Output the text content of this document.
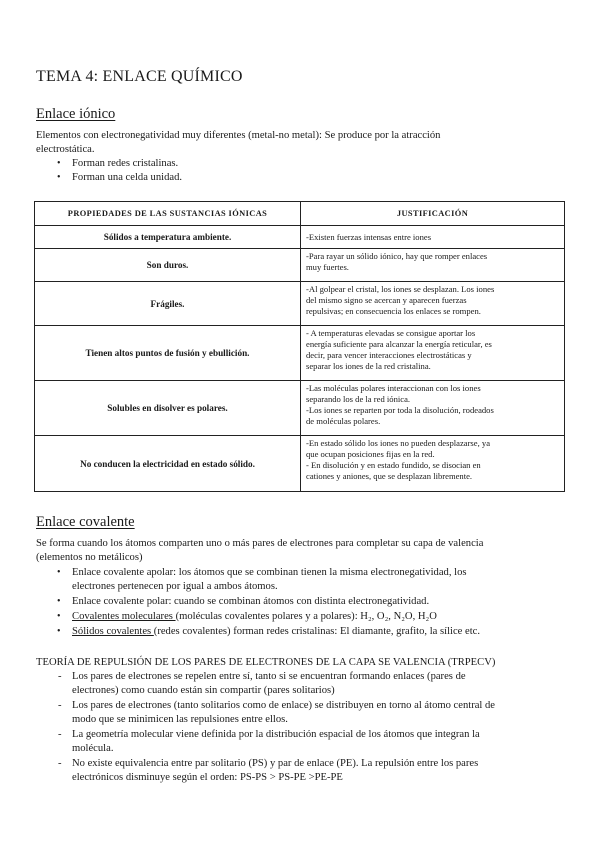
TEMA 4: ENLACE QUÍMICO
Enlace iónico
Elementos con electronegatividad muy diferentes (metal-no metal): Se produce por la atracción
electrostática.
• Forman redes cristalinas.
• Forman una celda unidad.
PROPIEDADES DE LAS SUSTANCIAS IÓNICAS	JUSTIFICACIÓN
Sólidos a temperatura ambiente.	-Existen fuerzas intensas entre iones

Son duros.	-Para rayar un sólido iónico, hay que romper enlaces
muy fuertes.

Frágiles.	-Al golpear el cristal, los iones se desplazan. Los iones
del mismo signo se acercan y aparecen fuerzas
repulsivas; en consecuencia los enlaces se rompen.

Tienen altos puntos de fusión y ebullición.	- A temperaturas elevadas se consigue aportar los
energía suficiente para alcanzar la energía reticular, es
decir, para vencer interacciones electrostáticas y
separar los iones de la red cristalina.

Solubles en disolver es polares.	-Las moléculas polares interaccionan con los iones
separando los de la red iónica.
-Los iones se reparten por toda la disolución, rodeados
de moléculas polares.

No conducen la electricidad en estado sólido.	-En estado sólido los iones no pueden desplazarse, ya
que ocupan posiciones fijas en la red.
- En disolución y en estado fundido, se disocian en
cationes y aniones, que se desplazan libremente.
Enlace covalente
Se forma cuando los átomos comparten uno o más pares de electrones para completar su capa de valencia
(elementos no metálicos)
• Enlace covalente apolar: los átomos que se combinan tienen la misma electronegatividad, los
electrones pertenecen por igual a ambos átomos.
• Enlace covalente polar: cuando se combinan átomos con distinta electronegatividad.
• Covalentes moleculares (moléculas covalentes polares y a polares): H₂, O₂, N₂O, H₂O
• Sólidos covalentes (redes covalentes) forman redes cristalinas: El diamante, grafito, la sílice etc.
TEORÍA DE REPULSIÓN DE LOS PARES DE ELECTRONES DE LA CAPA SE VALENCIA (TRPECV)
- Los pares de electrones se repelen entre sí, tanto si se encuentran formando enlaces (pares de
electrones) como cuando están sin compartir (pares solitarios)
- Los pares de electrones (tanto solitarios como de enlace) se distribuyen en torno al átomo central de
modo que se minimicen las repulsiones entre ellos.
- La geometría molecular viene definida por la distribución espacial de los átomos que integran la
molécula.
- No existe equivalencia entre par solitario (PS) y par de enlace (PE). La repulsión entre los pares
electrónicos disminuye según el orden: PS-PS > PS-PE >PE-PE
